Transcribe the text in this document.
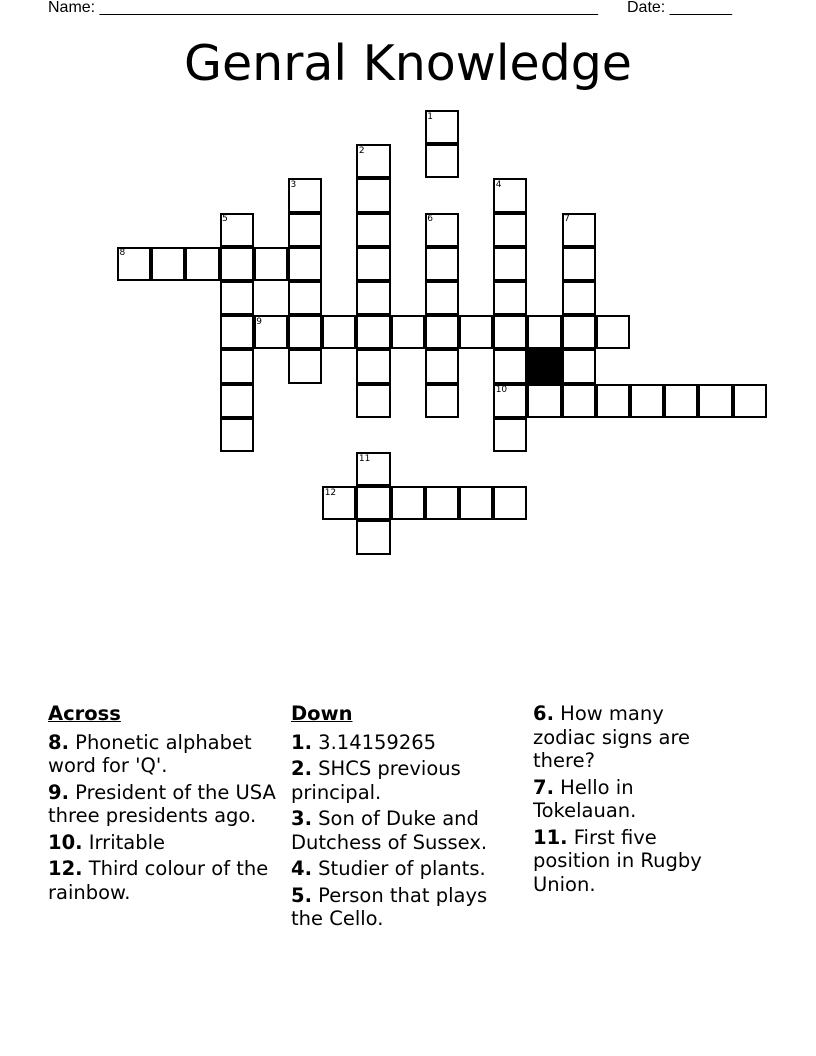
Name: ________________________________________________________ Date: _______
Genral Knowledge
1
2
3	4
5	6	7
8
9
10
11
12
Across
8. Phonetic alphabet word for 'Q'.
9. President of the USA three presidents ago.
10. Irritable
12. Third colour of the rainbow.
Down
1. 3.14159265
2. SHCS previous principal.
3. Son of Duke and Dutchess of Sussex.
4. Studier of plants.
5. Person that plays the Cello.
6. How many zodiac signs are there?
7. Hello in Tokelauan.
11. First five position in Rugby Union.
